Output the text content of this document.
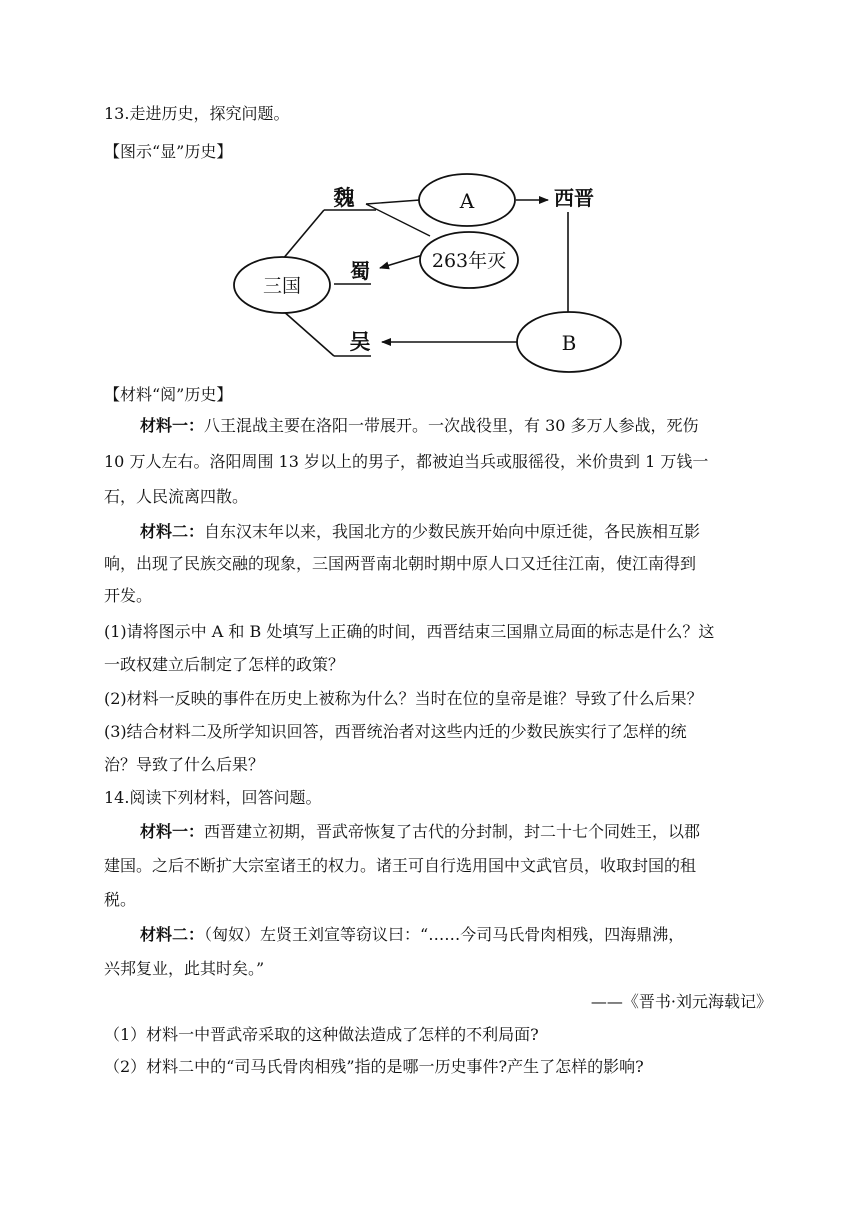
13.走进历史，探究问题。
【图示“显”历史】
三国
魏
蜀
吴
A
263年灭
B
西晋
【材料“阅”历史】
材料一：八王混战主要在洛阳一带展开。一次战役里，有 30 多万人参战，死伤
10 万人左右。洛阳周围 13 岁以上的男子，都被迫当兵或服徭役，米价贵到 1 万钱一
石，人民流离四散。
材料二：自东汉末年以来，我国北方的少数民族开始向中原迁徙，各民族相互影
响，出现了民族交融的现象，三国两晋南北朝时期中原人口又迁往江南，使江南得到
开发。
(1)请将图示中 A 和 B 处填写上正确的时间，西晋结束三国鼎立局面的标志是什么？这
一政权建立后制定了怎样的政策？
(2)材料一反映的事件在历史上被称为什么？当时在位的皇帝是谁？导致了什么后果？
(3)结合材料二及所学知识回答，西晋统治者对这些内迁的少数民族实行了怎样的统
治？导致了什么后果？
14.阅读下列材料，回答问题。
材料一：西晋建立初期，晋武帝恢复了古代的分封制，封二十七个同姓王，以郡
建国。之后不断扩大宗室诸王的权力。诸王可自行选用国中文武官员，收取封国的租
税。
材料二：（匈奴）左贤王刘宣等窃议曰：“……今司马氏骨肉相残，四海鼎沸，
兴邦复业，此其时矣。”
——《晋书·刘元海载记》
（1）材料一中晋武帝采取的这种做法造成了怎样的不利局面?
（2）材料二中的“司马氏骨肉相残”指的是哪一历史事件?产生了怎样的影响?
